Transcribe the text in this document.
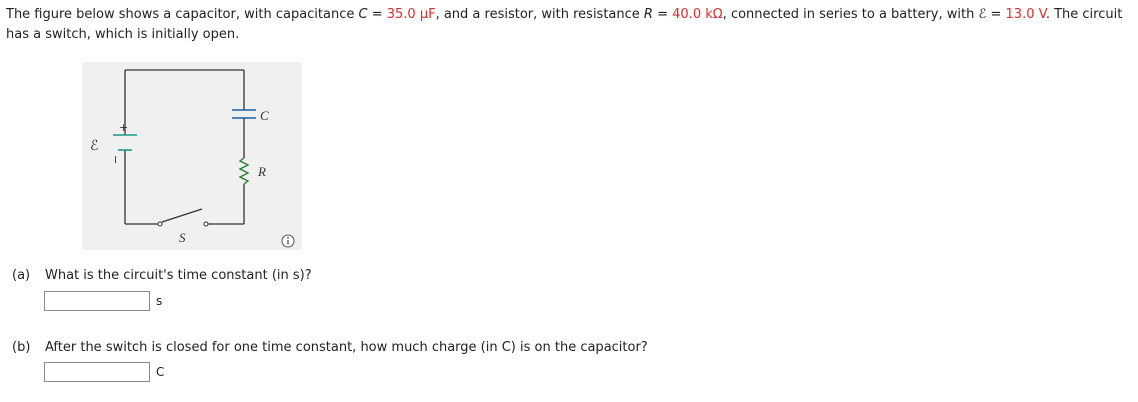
The figure below shows a capacitor, with capacitance C = 35.0 μF, and a resistor, with resistance R = 40.0 kΩ, connected in series to a battery, with ℰ = 13.0 V. The circuit has a switch, which is initially open.
ℰ
+
−
C
R
S
(a) What is the circuit's time constant (in s)?
s
(b) After the switch is closed for one time constant, how much charge (in C) is on the capacitor?
C
